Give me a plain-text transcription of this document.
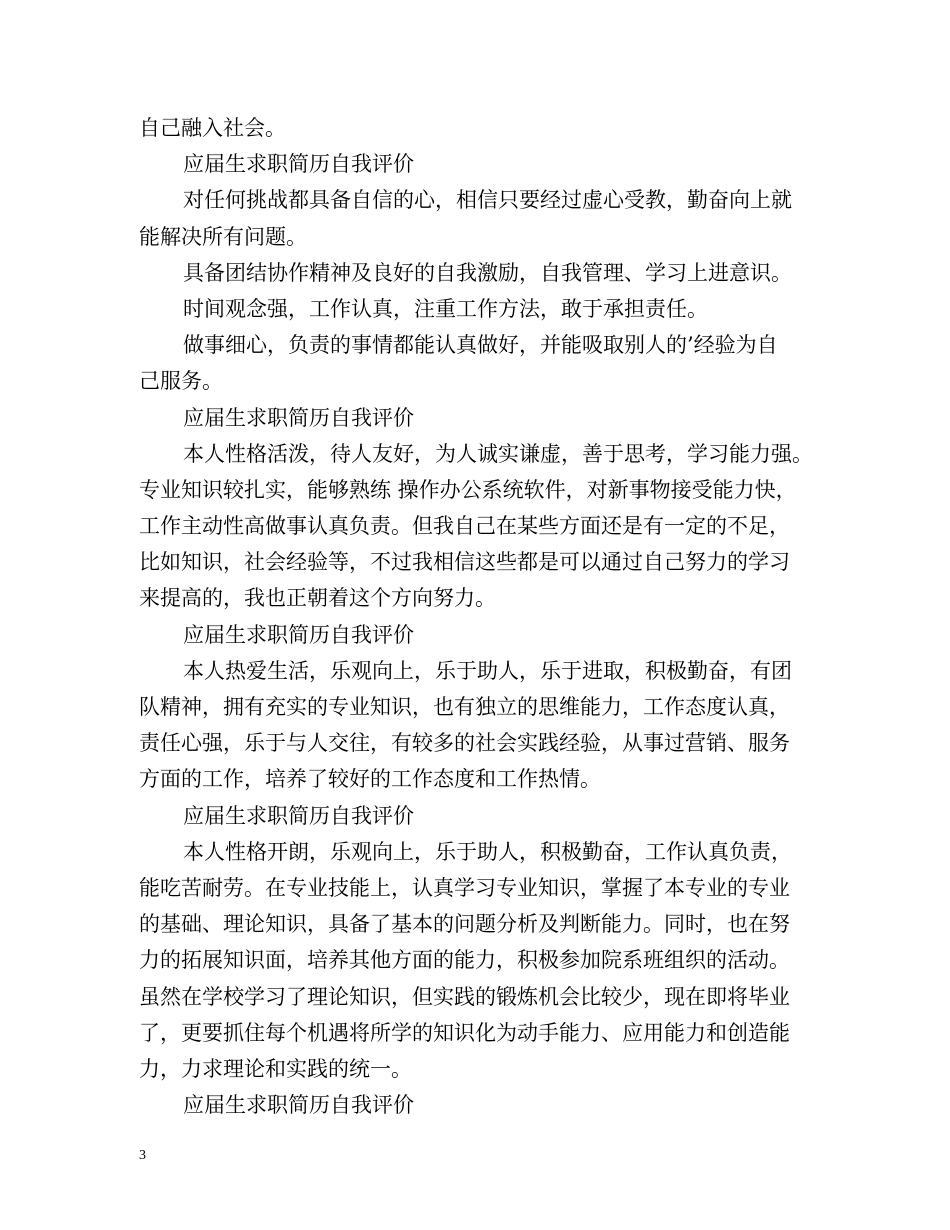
自己融入社会。
应届生求职简历自我评价
对任何挑战都具备自信的心，相信只要经过虚心受教，勤奋向上就
能解决所有问题。
具备团结协作精神及良好的自我激励，自我管理、学习上进意识。
时间观念强，工作认真，注重工作方法，敢于承担责任。
做事细心，负责的事情都能认真做好，并能吸取别人的’经验为自
己服务。
应届生求职简历自我评价
本人性格活泼，待人友好，为人诚实谦虚，善于思考，学习能力强。
专业知识较扎实，能够熟练 操作办公系统软件，对新事物接受能力快，
工作主动性高做事认真负责。但我自己在某些方面还是有一定的不足，
比如知识，社会经验等，不过我相信这些都是可以通过自己努力的学习
来提高的，我也正朝着这个方向努力。
应届生求职简历自我评价
本人热爱生活，乐观向上，乐于助人，乐于进取，积极勤奋，有团
队精神，拥有充实的专业知识，也有独立的思维能力，工作态度认真，
责任心强，乐于与人交往，有较多的社会实践经验，从事过营销、服务
方面的工作，培养了较好的工作态度和工作热情。
应届生求职简历自我评价
本人性格开朗，乐观向上，乐于助人，积极勤奋，工作认真负责，
能吃苦耐劳。在专业技能上，认真学习专业知识，掌握了本专业的专业
的基础、理论知识，具备了基本的问题分析及判断能力。同时，也在努
力的拓展知识面，培养其他方面的能力，积极参加院系班组织的活动。
虽然在学校学习了理论知识，但实践的锻炼机会比较少，现在即将毕业
了，更要抓住每个机遇将所学的知识化为动手能力、应用能力和创造能
力，力求理论和实践的统一。
应届生求职简历自我评价
3
